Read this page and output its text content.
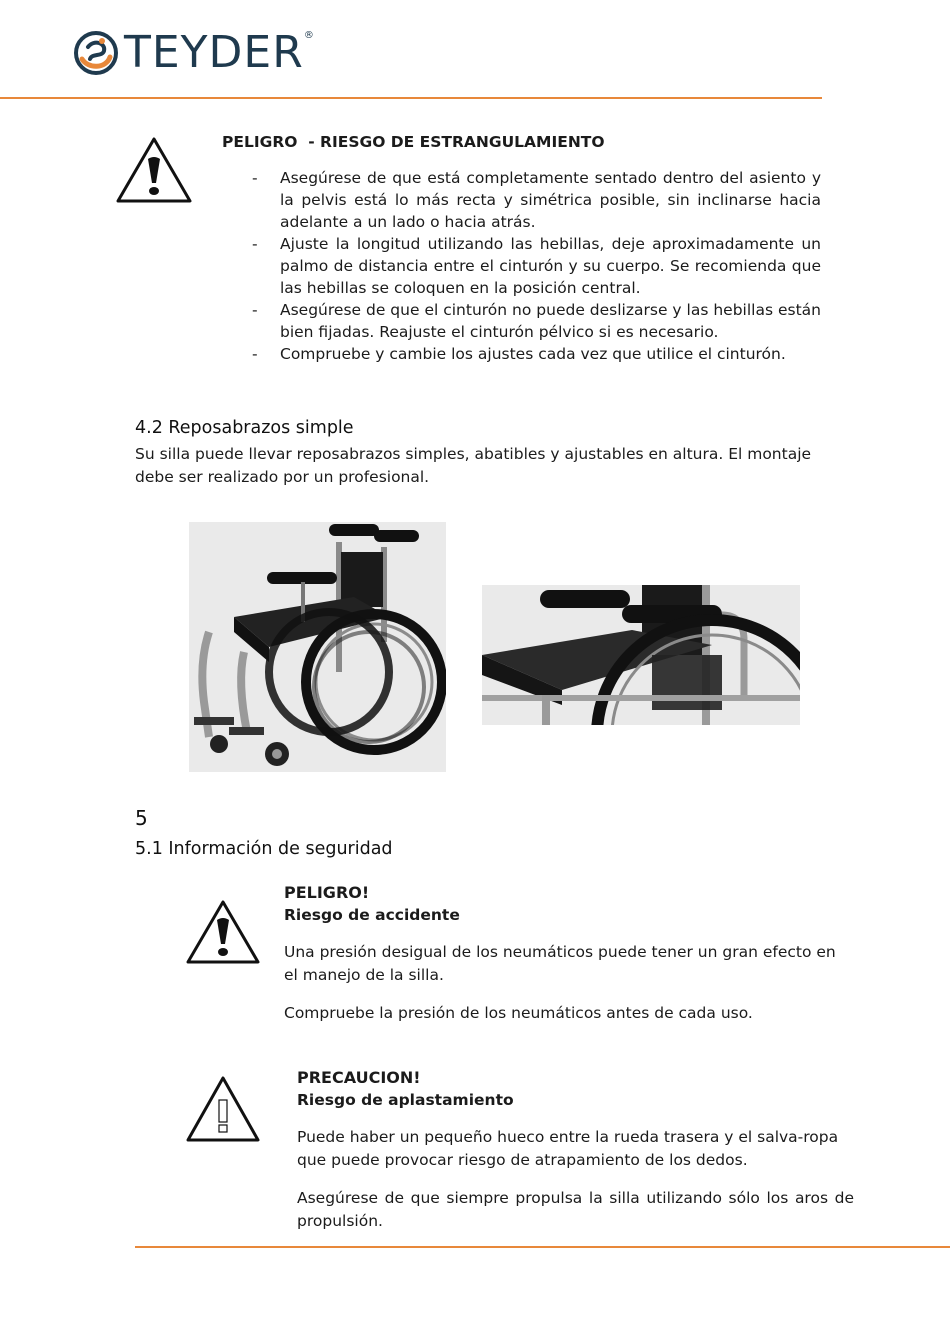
TEYDER®
PELIGRO  - RIESGO DE ESTRANGULAMIENTO
- Asegúrese de que está completamente sentado dentro del asiento y la pelvis está lo más recta y simétrica posible, sin inclinarse hacia adelante a un lado o hacia atrás.
- Ajuste la longitud utilizando las hebillas, deje aproximadamente un palmo de distancia entre el cinturón y su cuerpo. Se recomienda que las hebillas se coloquen en la posición central.
- Asegúrese de que el cinturón no puede deslizarse y las hebillas están bien fijadas. Reajuste el cinturón pélvico si es necesario.
- Compruebe y cambie los ajustes cada vez que utilice el cinturón.
4.2 Reposabrazos simple
Su silla puede llevar reposabrazos simples, abatibles y ajustables en altura. El montaje debe ser realizado por un profesional.
5
5.1 Información de seguridad
PELIGRO!
Riesgo de accidente
Una presión desigual de los neumáticos puede tener un gran efecto en el manejo de la silla.
Compruebe la presión de los neumáticos antes de cada uso.
PRECAUCION!
Riesgo de aplastamiento
Puede haber un pequeño hueco entre la rueda trasera y el salva-ropa que puede provocar riesgo de atrapamiento de los dedos.
Asegúrese de que siempre propulsa la silla utilizando sólo los aros de propulsión.
